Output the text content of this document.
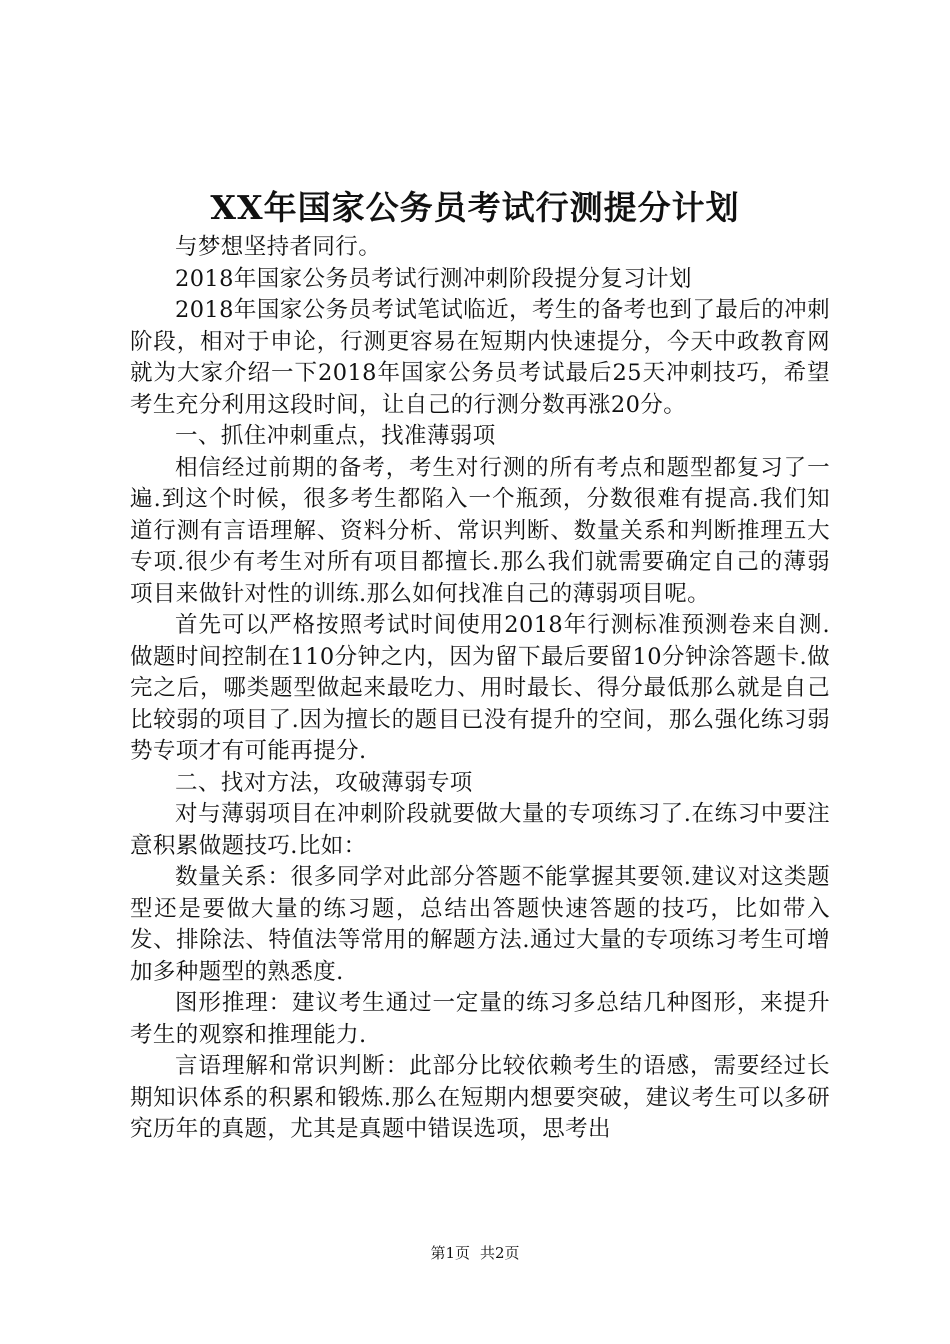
XX年国家公务员考试行测提分计划

与梦想坚持者同行。

2018年国家公务员考试行测冲刺阶段提分复习计划

2018年国家公务员考试笔试临近，考生的备考也到了最后的冲刺阶段，相对于申论，行测更容易在短期内快速提分，今天中政教育网就为大家介绍一下2018年国家公务员考试最后25天冲刺技巧，希望考生充分利用这段时间，让自己的行测分数再涨20分。

一、抓住冲刺重点，找准薄弱项

相信经过前期的备考，考生对行测的所有考点和题型都复习了一遍.到这个时候，很多考生都陷入一个瓶颈，分数很难有提高.我们知道行测有言语理解、资料分析、常识判断、数量关系和判断推理五大专项.很少有考生对所有项目都擅长.那么我们就需要确定自己的薄弱项目来做针对性的训练.那么如何找准自己的薄弱项目呢。

首先可以严格按照考试时间使用2018年行测标准预测卷来自测.做题时间控制在110分钟之内，因为留下最后要留10分钟涂答题卡.做完之后，哪类题型做起来最吃力、用时最长、得分最低那么就是自己比较弱的项目了.因为擅长的题目已没有提升的空间，那么强化练习弱势专项才有可能再提分.

二、找对方法，攻破薄弱专项

对与薄弱项目在冲刺阶段就要做大量的专项练习了.在练习中要注意积累做题技巧.比如：

数量关系：很多同学对此部分答题不能掌握其要领.建议对这类题型还是要做大量的练习题，总结出答题快速答题的技巧，比如带入发、排除法、特值法等常用的解题方法.通过大量的专项练习考生可增加多种题型的熟悉度.

图形推理：建议考生通过一定量的练习多总结几种图形，来提升考生的观察和推理能力.

言语理解和常识判断：此部分比较依赖考生的语感，需要经过长期知识体系的积累和锻炼.那么在短期内想要突破，建议考生可以多研究历年的真题，尤其是真题中错误选项，思考出

第1页 共2页
